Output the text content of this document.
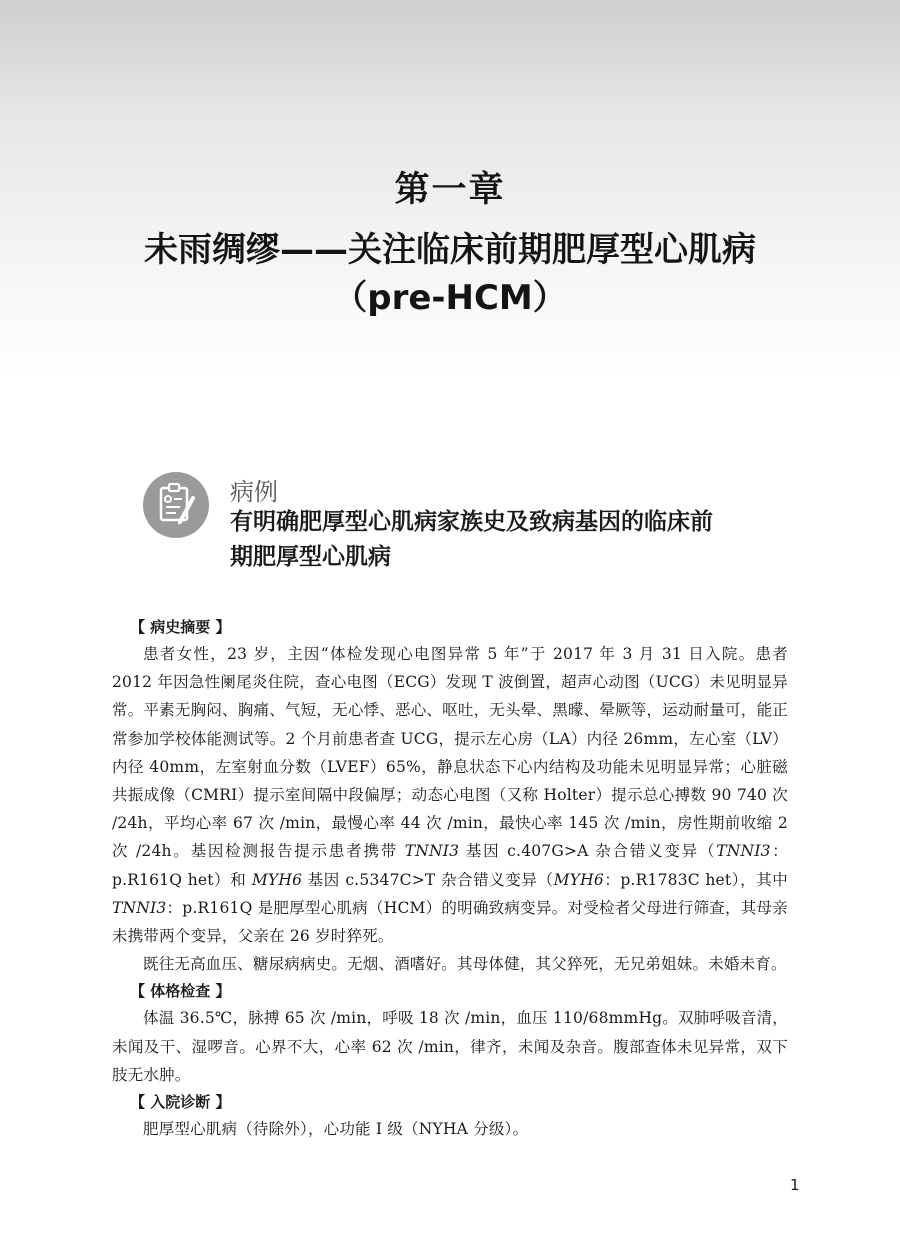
第一章
未雨绸缪——关注临床前期肥厚型心肌病
（pre-HCM）
病例
有明确肥厚型心肌病家族史及致病基因的临床前
期肥厚型心肌病
【 病史摘要 】

患者女性，23 岁，主因“体检发现心电图异常 5 年”于 2017 年 3 月 31 日入院。患者 2012 年因急性阑尾炎住院，查心电图（ECG）发现 T 波倒置，超声心动图（UCG）未见明显异常。平素无胸闷、胸痛、气短，无心悸、恶心、呕吐，无头晕、黑曚、晕厥等，运动耐量可，能正常参加学校体能测试等。2 个月前患者查 UCG，提示左心房（LA）内径 26mm，左心室（LV）内径 40mm，左室射血分数（LVEF）65%，静息状态下心内结构及功能未见明显异常；心脏磁共振成像（CMRI）提示室间隔中段偏厚；动态心电图（又称 Holter）提示总心搏数 90 740 次 /24h，平均心率 67 次 /min，最慢心率 44 次 /min，最快心率 145 次 /min，房性期前收缩 2 次 /24h。基因检测报告提示患者携带 TNNI3 基因 c.407G>A 杂合错义变异（TNNI3：p.R161Q het）和 MYH6 基因 c.5347C>T 杂合错义变异（MYH6：p.R1783C het），其中 TNNI3：p.R161Q 是肥厚型心肌病（HCM）的明确致病变异。对受检者父母进行筛查，其母亲未携带两个变异，父亲在 26 岁时猝死。

既往无高血压、糖尿病病史。无烟、酒嗜好。其母体健，其父猝死，无兄弟姐妹。未婚未育。

【 体格检查 】

体温 36.5℃，脉搏 65 次 /min，呼吸 18 次 /min，血压 110/68mmHg。双肺呼吸音清，未闻及干、湿啰音。心界不大，心率 62 次 /min，律齐，未闻及杂音。腹部查体未见异常，双下肢无水肿。

【 入院诊断 】

肥厚型心肌病（待除外），心功能 Ⅰ 级（NYHA 分级）。

1
